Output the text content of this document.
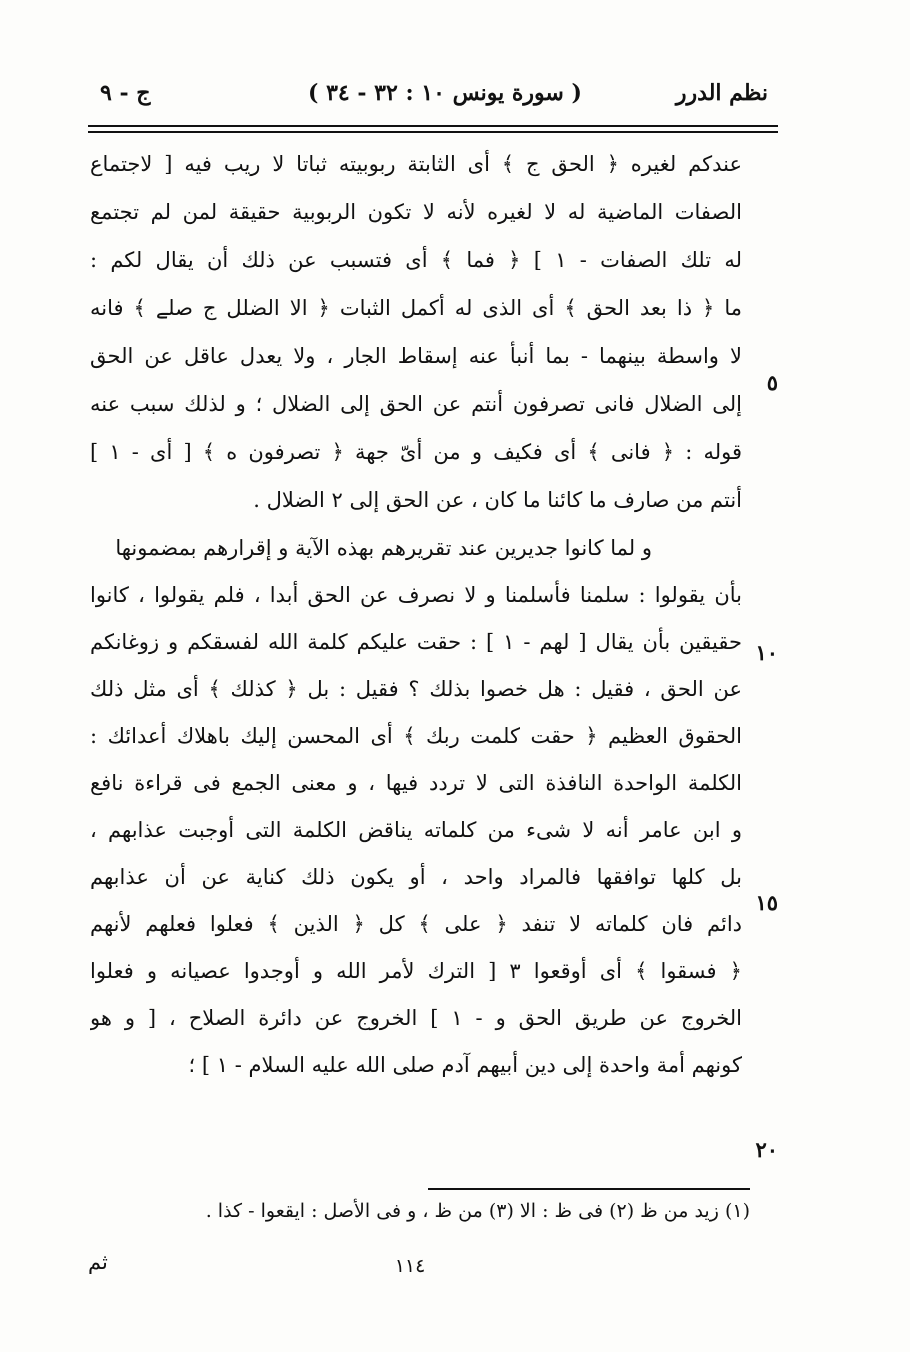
نظم الدرر
( سورة يونس ١٠ : ٣٢ - ٣٤ )
ج - ٩
عندكم لغيره ﴿ الحق ج ﴾ أى الثابتة ربوبيته ثباتا لا ريب فيه [ لاجتماع
الصفات الماضية له لا لغيره لأنه لا تكون الربوبية حقيقة لمن لم تجتمع
له تلك الصفات - ١ ] ﴿ فما ﴾ أى فتسبب عن ذلك أن يقال لكم :
ما ﴿ ذا بعد الحق ﴾ أى الذى له أكمل الثبات ﴿ الا الضلل ج صلے ﴾ فانه
لا واسطة بينهما - بما أنبأ عنه إسقاط الجار ، ولا يعدل عاقل عن الحق
إلى الضلال فانى تصرفون أنتم عن الحق إلى الضلال ؛ و لذلك سبب عنه
قوله : ﴿ فانى ﴾ أى فكيف و من أىّ جهة ﴿ تصرفون ه ﴾ [ أى - ١ ]
أنتم من صارف ما كائنا ما كان ، عن الحق إلى ٢ الضلال .
و لما كانوا جديرين عند تقريرهم بهذه الآية و إقرارهم بمضمونها
بأن يقولوا : سلمنا فأسلمنا و لا نصرف عن الحق أبدا ، فلم يقولوا ، كانوا
حقيقين بأن يقال [ لهم - ١ ] : حقت عليكم كلمة الله لفسقكم و زوغانكم
عن الحق ، فقيل : هل خصوا بذلك ؟ فقيل : بل ﴿ كذلك ﴾ أى مثل ذلك
الحقوق العظيم ﴿ حقت كلمت ربك ﴾ أى المحسن إليك باهلاك أعدائك :
الكلمة الواحدة النافذة التى لا تردد فيها ، و معنى الجمع فى قراءة نافع
و ابن عامر أنه لا شىء من كلماته يناقض الكلمة التى أوجبت عذابهم ،
بل كلها توافقها فالمراد واحد ، أو يكون ذلك كناية عن أن عذابهم
دائم فان كلماته لا تنفد ﴿ على ﴾ كل ﴿ الذين ﴾ فعلوا فعلهم لأنهم
﴿ فسقوا ﴾ أى أوقعوا ٣ [ الترك لأمر الله و أوجدوا عصيانه و فعلوا
الخروج عن طريق الحق و - ١ ] الخروج عن دائرة الصلاح ، [ و هو
كونهم أمة واحدة إلى دين أبيهم آدم صلى الله عليه السلام - ١ ] ؛
٥
١٠
١٥
٢٠
(١) زيد من ظ (٢) فى ظ : الا (٣) من ظ ، و فى الأصل : ايقعوا - كذا .
١١٤
ثم
